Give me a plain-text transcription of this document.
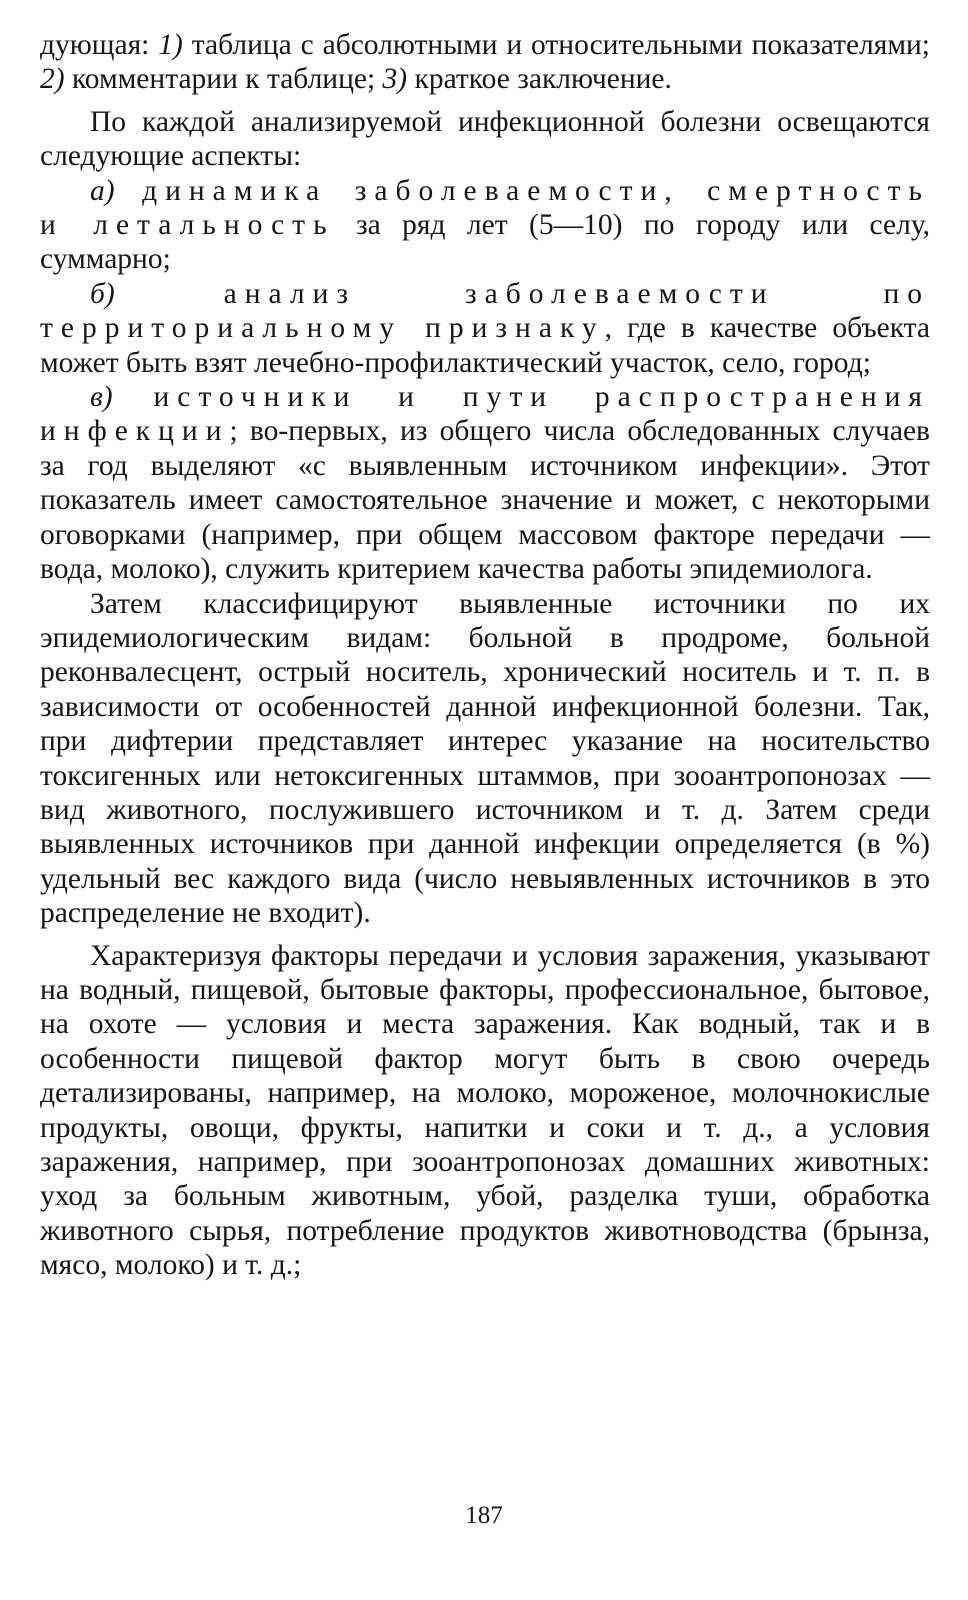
дующая: 1) таблица с абсолютными и относительными показателями; 2) комментарии к таблице; 3) краткое заключение.

По каждой анализируемой инфекционной болезни освещаются следующие аспекты:

а) динамика заболеваемости, смертность и летальность за ряд лет (5—10) по городу или селу, суммарно;

б) анализ заболеваемости по территориальному признаку, где в качестве объекта может быть взят лечебно-профилактический участок, село, город;

в) источники и пути распространения инфекции; во-первых, из общего числа обследованных случаев за год выделяют «с выявленным источником инфекции». Этот показатель имеет самостоятельное значение и может, с некоторыми оговорками (например, при общем массовом факторе передачи — вода, молоко), служить критерием качества работы эпидемиолога.

Затем классифицируют выявленные источники по их эпидемиологическим видам: больной в продроме, больной реконвалесцент, острый носитель, хронический носитель и т. п. в зависимости от особенностей данной инфекционной болезни. Так, при дифтерии представляет интерес указание на носительство токсигенных или нетоксигенных штаммов, при зооантропонозах — вид животного, послужившего источником и т. д. Затем среди выявленных источников при данной инфекции определяется (в %) удельный вес каждого вида (число невыявленных источников в это распределение не входит).

Характеризуя факторы передачи и условия заражения, указывают на водный, пищевой, бытовые факторы, профессиональное, бытовое, на охоте — условия и места заражения. Как водный, так и в особенности пищевой фактор могут быть в свою очередь детализированы, например, на молоко, мороженое, молочнокислые продукты, овощи, фрукты, напитки и соки и т. д., а условия заражения, например, при зооантропонозах домашних животных: уход за больным животным, убой, разделка туши, обработка животного сырья, потребление продуктов животноводства (брынза, мясо, молоко) и т. д.;

187
